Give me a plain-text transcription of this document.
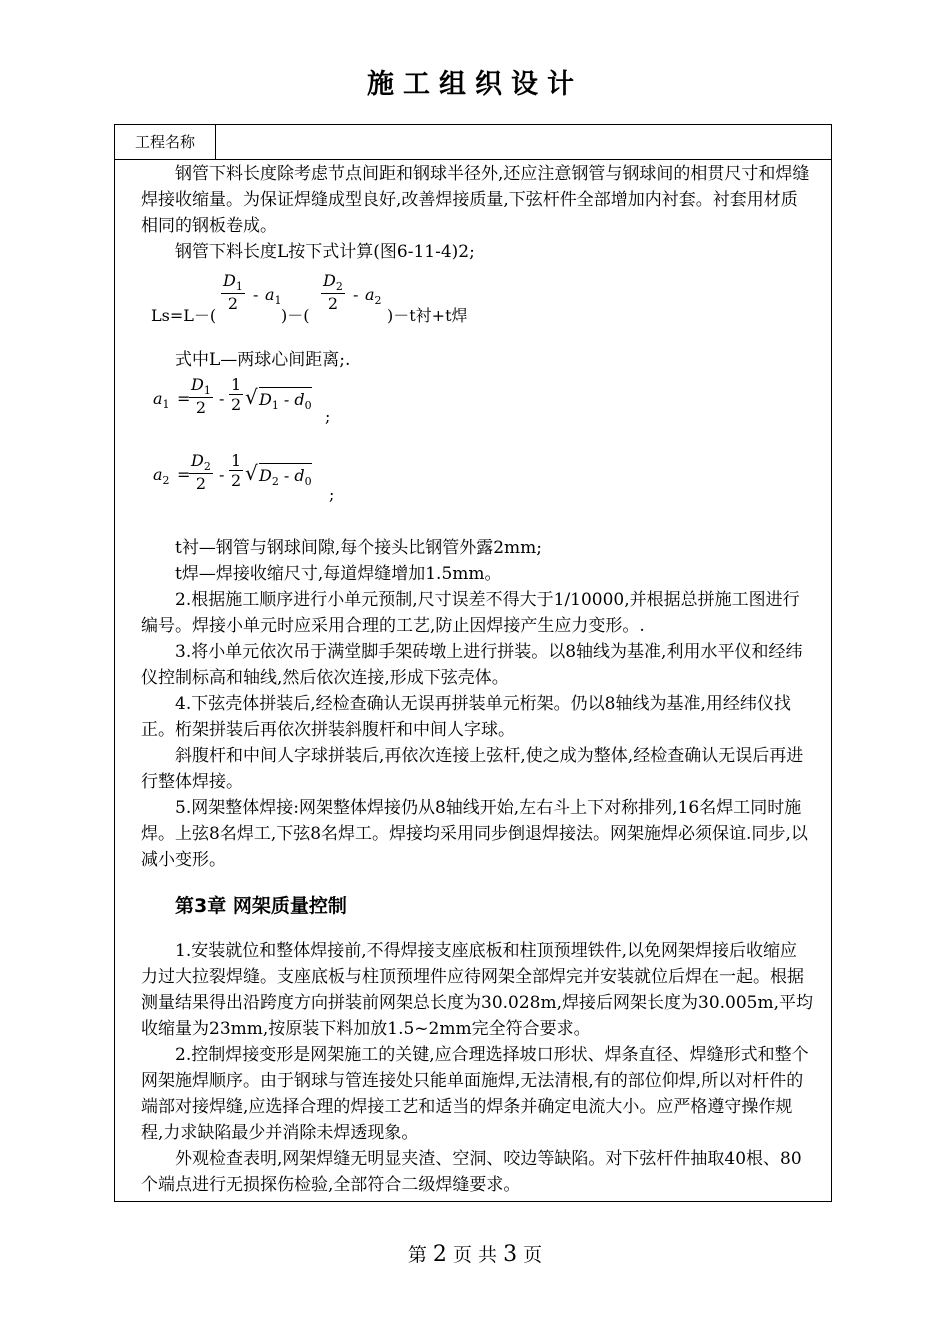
施工组织设计
工程名称

钢管下料长度除考虑节点间距和钢球半径外,还应注意钢管与钢球间的相贯尺寸和焊缝焊接收缩量。为保证焊缝成型良好,改善焊接质量,下弦杆件全部增加内衬套。衬套用材质相同的钢板卷成。

钢管下料长度L按下式计算(图6-11-4)2;

Ls=L－(
$\frac{D_1}{2} - a_1$
)－(
$\frac{D_2}{2} - a_2$
)－t衬+t焊

式中L—两球心间距离;.

$a_1$ =
$\frac{D_1}{2} - \frac{1}{2}$ √ $D_1 - d_0$
;
$a_2$ =
$\frac{D_2}{2} - \frac{1}{2}$ √ $D_2 - d_0$
;

t衬—钢管与钢球间隙,每个接头比钢管外露2mm;

t焊—焊接收缩尺寸,每道焊缝增加1.5mm。

2.根据施工顺序进行小单元预制,尺寸误差不得大于1/10000,并根据总拼施工图进行编号。焊接小单元时应采用合理的工艺,防止因焊接产生应力变形。.

3.将小单元依次吊于满堂脚手架砖墩上进行拼装。以8轴线为基准,利用水平仪和经纬仪控制标高和轴线,然后依次连接,形成下弦壳体。

4.下弦壳体拼装后,经检查确认无误再拼装单元桁架。仍以8轴线为基准,用经纬仪找正。桁架拼装后再依次拼装斜腹杆和中间人字球。

斜腹杆和中间人字球拼装后,再依次连接上弦杆,使之成为整体,经检查确认无误后再进行整体焊接。

5.网架整体焊接:网架整体焊接仍从8轴线开始,左右斗上下对称排列,16名焊工同时施焊。上弦8名焊工,下弦8名焊工。焊接均采用同步倒退焊接法。网架施焊必须保谊.同步,以减小变形。

第3章 网架质量控制

1.安装就位和整体焊接前,不得焊接支座底板和柱顶预埋铁件,以免网架焊接后收缩应力过大拉裂焊缝。支座底板与柱顶预埋件应待网架全部焊完并安装就位后焊在一起。根据测量结果得出沿跨度方向拼装前网架总长度为30.028m,焊接后网架长度为30.005m,平均收缩量为23mm,按原装下料加放1.5~2mm完全符合要求。

2.控制焊接变形是网架施工的关键,应合理选择坡口形状、焊条直径、焊缝形式和整个网架施焊顺序。由于钢球与管连接处只能单面施焊,无法清根,有的部位仰焊,所以对杆件的端部对接焊缝,应选择合理的焊接工艺和适当的焊条并确定电流大小。应严格遵守操作规程,力求缺陷最少并消除未焊透现象。

外观检查表明,网架焊缝无明显夹渣、空洞、咬边等缺陷。对下弦杆件抽取40根、80个端点进行无损探伤检验,全部符合二级焊缝要求。

第 2 页 共 3 页
